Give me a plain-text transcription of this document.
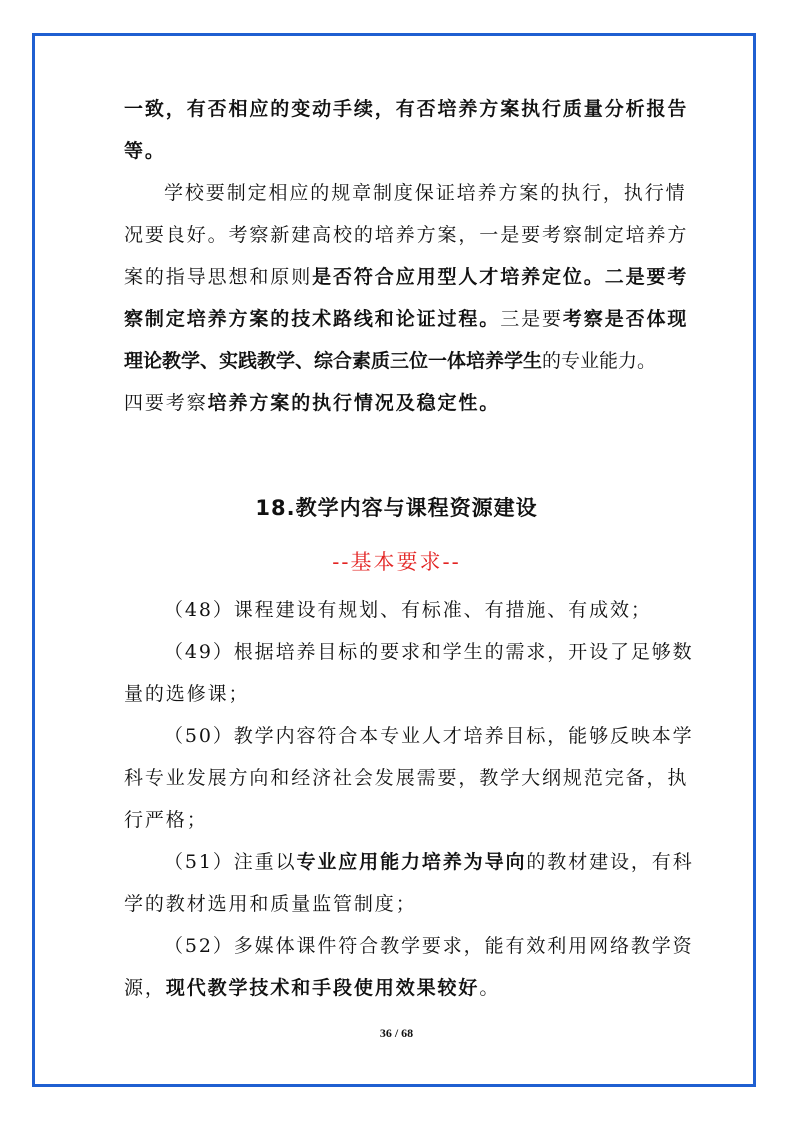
一致，有否相应的变动手续，有否培养方案执行质量分析报告
等。
学校要制定相应的规章制度保证培养方案的执行，执行情
况要良好。考察新建高校的培养方案，一是要考察制定培养方
案的指导思想和原则是否符合应用型人才培养定位。二是要考
察制定培养方案的技术路线和论证过程。三是要考察是否体现
理论教学、实践教学、综合素质三位一体培养学生的专业能力。
四要考察培养方案的执行情况及稳定性。
18.教学内容与课程资源建设
--基本要求--
（48）课程建设有规划、有标准、有措施、有成效；
（49）根据培养目标的要求和学生的需求，开设了足够数
量的选修课；
（50）教学内容符合本专业人才培养目标，能够反映本学
科专业发展方向和经济社会发展需要，教学大纲规范完备，执
行严格；
（51）注重以专业应用能力培养为导向的教材建设，有科
学的教材选用和质量监管制度；
（52）多媒体课件符合教学要求，能有效利用网络教学资
源，现代教学技术和手段使用效果较好。
36 / 68
